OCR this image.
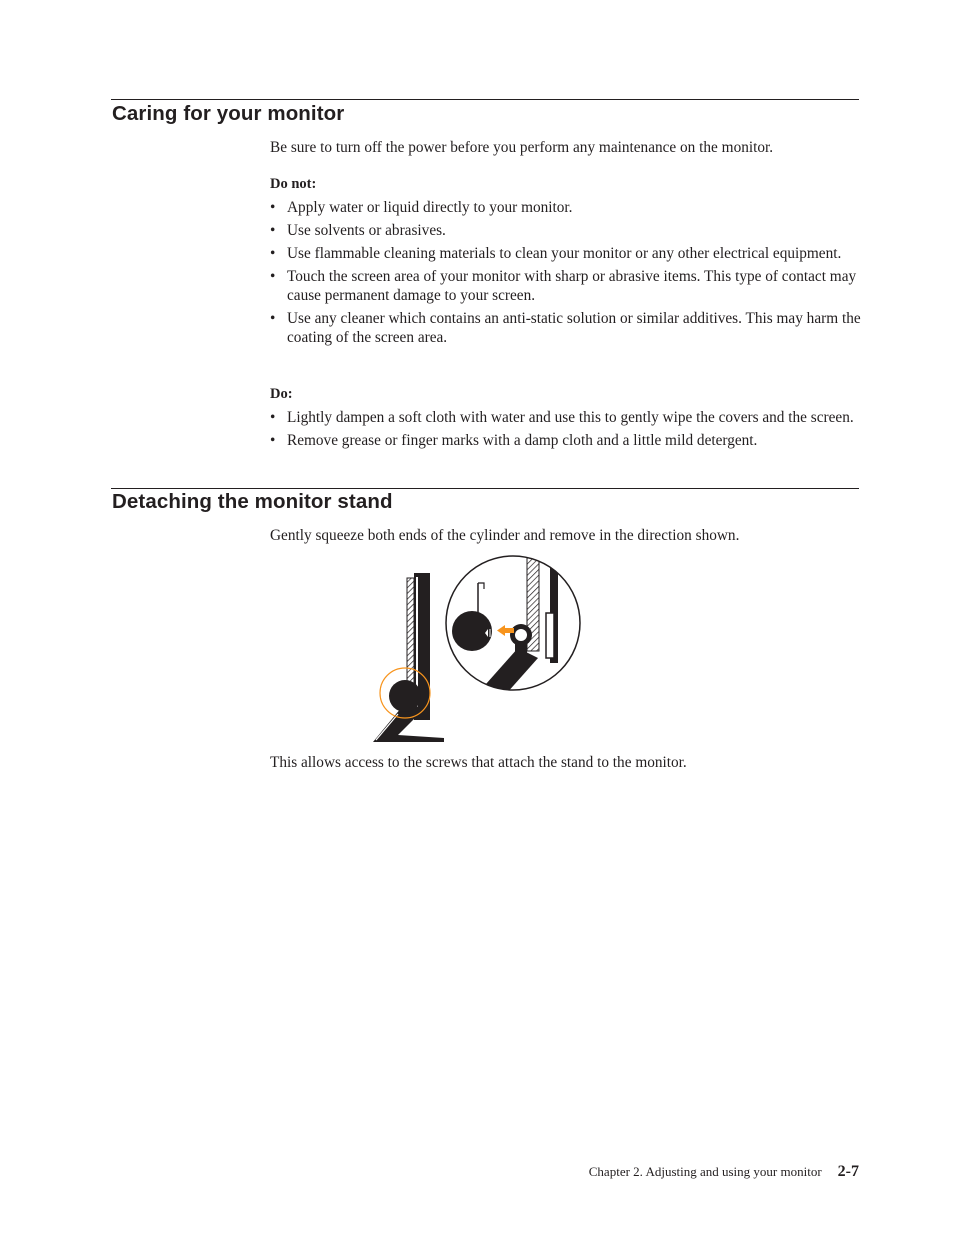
Caring for your monitor

Be sure to turn off the power before you perform any maintenance on the monitor.

Do not:

• Apply water or liquid directly to your monitor.
• Use solvents or abrasives.
• Use flammable cleaning materials to clean your monitor or any other electrical equipment.
• Touch the screen area of your monitor with sharp or abrasive items. This type of contact may cause permanent damage to your screen.
• Use any cleaner which contains an anti-static solution or similar additives. This may harm the coating of the screen area.

Do:

• Lightly dampen a soft cloth with water and use this to gently wipe the covers and the screen.
• Remove grease or finger marks with a damp cloth and a little mild detergent.
Detaching the monitor stand

Gently squeeze both ends of the cylinder and remove in the direction shown.

This allows access to the screws that attach the stand to the monitor.

Chapter 2. Adjusting and using your monitor 2-7
